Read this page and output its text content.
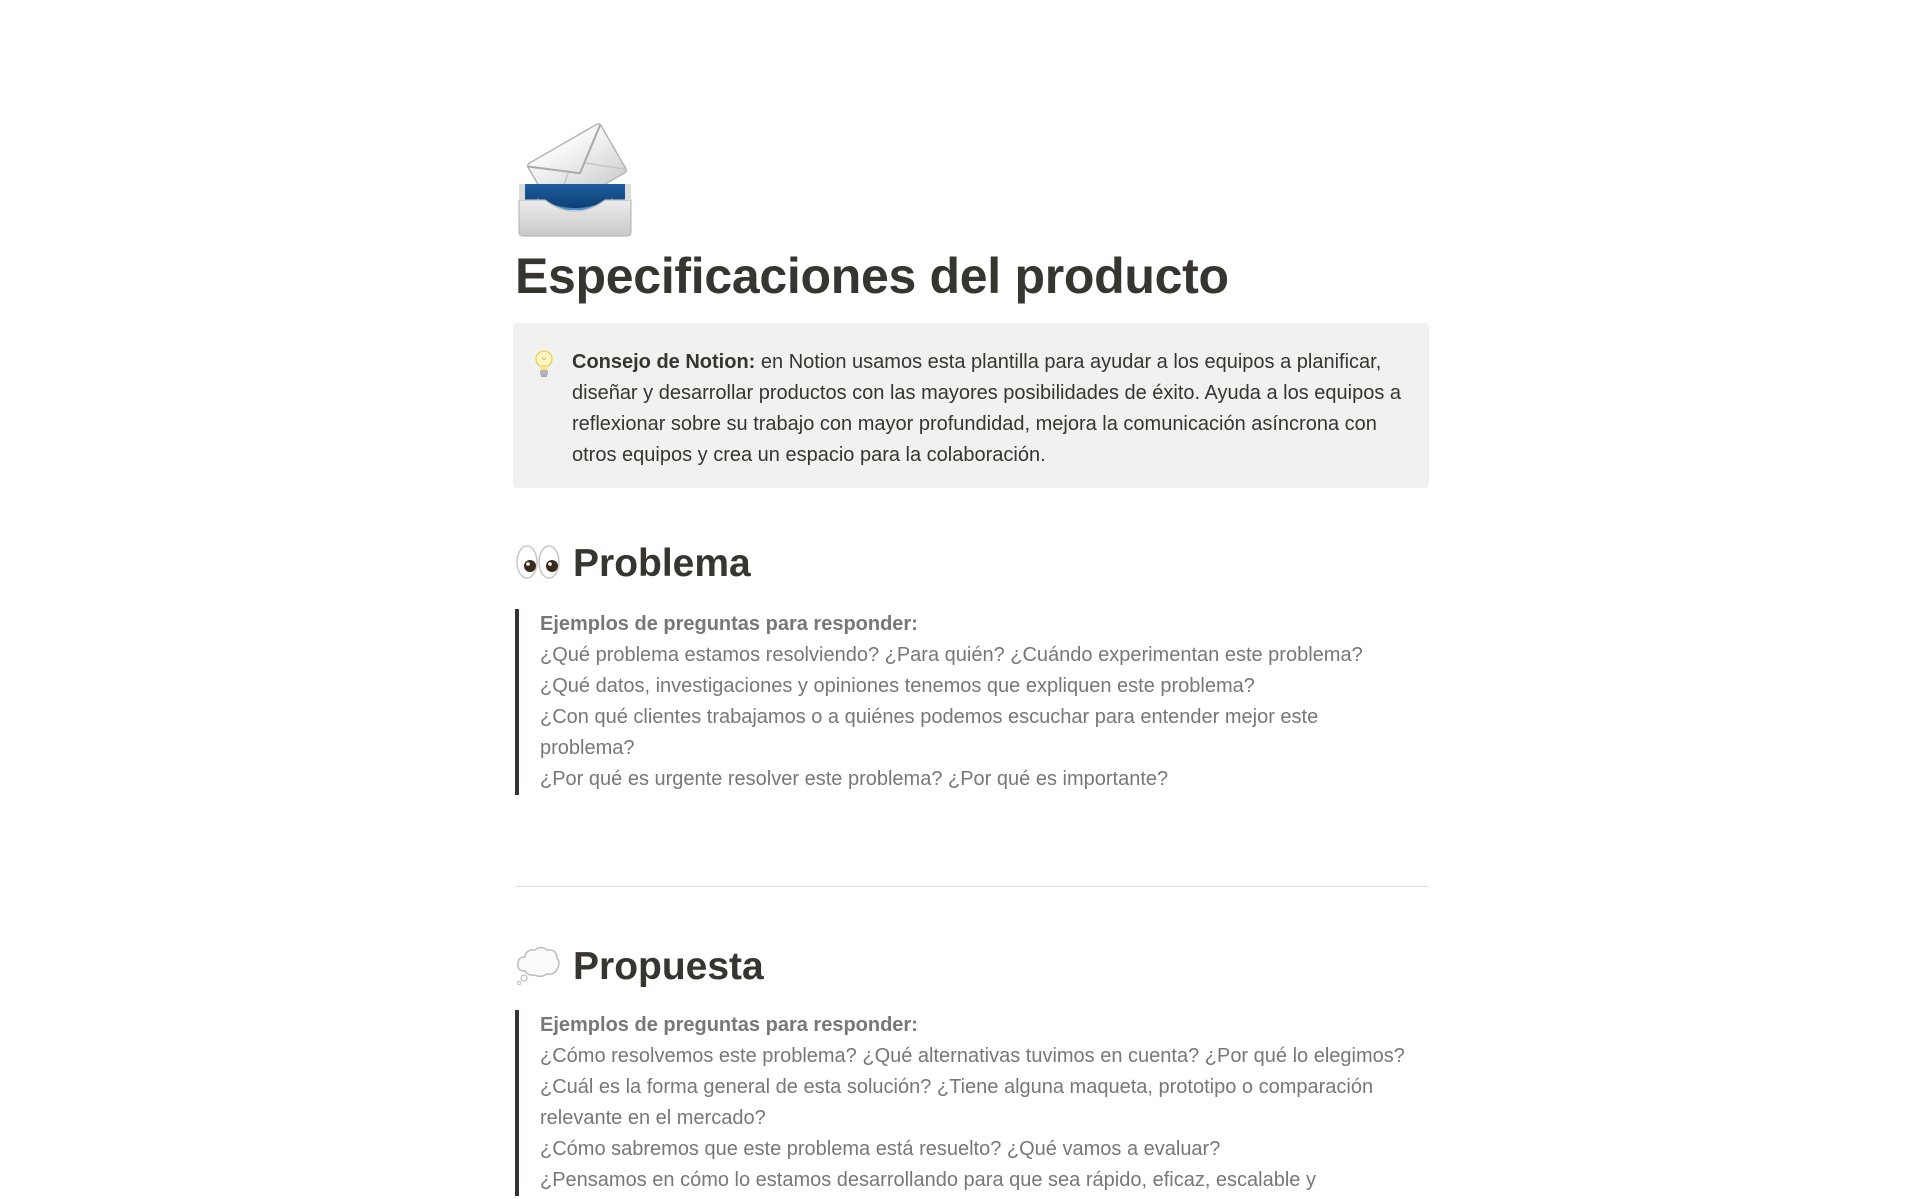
Especificaciones del producto
Consejo de Notion: en Notion usamos esta plantilla para ayudar a los equipos a planificar, diseñar y desarrollar productos con las mayores posibilidades de éxito. Ayuda a los equipos a reflexionar sobre su trabajo con mayor profundidad, mejora la comunicación asíncrona con otros equipos y crea un espacio para la colaboración.
Problema
Ejemplos de preguntas para responder:
¿Qué problema estamos resolviendo? ¿Para quién? ¿Cuándo experimentan este problema?
¿Qué datos, investigaciones y opiniones tenemos que expliquen este problema?
¿Con qué clientes trabajamos o a quiénes podemos escuchar para entender mejor este problema?
¿Por qué es urgente resolver este problema? ¿Por qué es importante?
Propuesta
Ejemplos de preguntas para responder:
¿Cómo resolvemos este problema? ¿Qué alternativas tuvimos en cuenta? ¿Por qué lo elegimos?
¿Cuál es la forma general de esta solución? ¿Tiene alguna maqueta, prototipo o comparación relevante en el mercado?
¿Cómo sabremos que este problema está resuelto? ¿Qué vamos a evaluar?
¿Pensamos en cómo lo estamos desarrollando para que sea rápido, eficaz, escalable y
